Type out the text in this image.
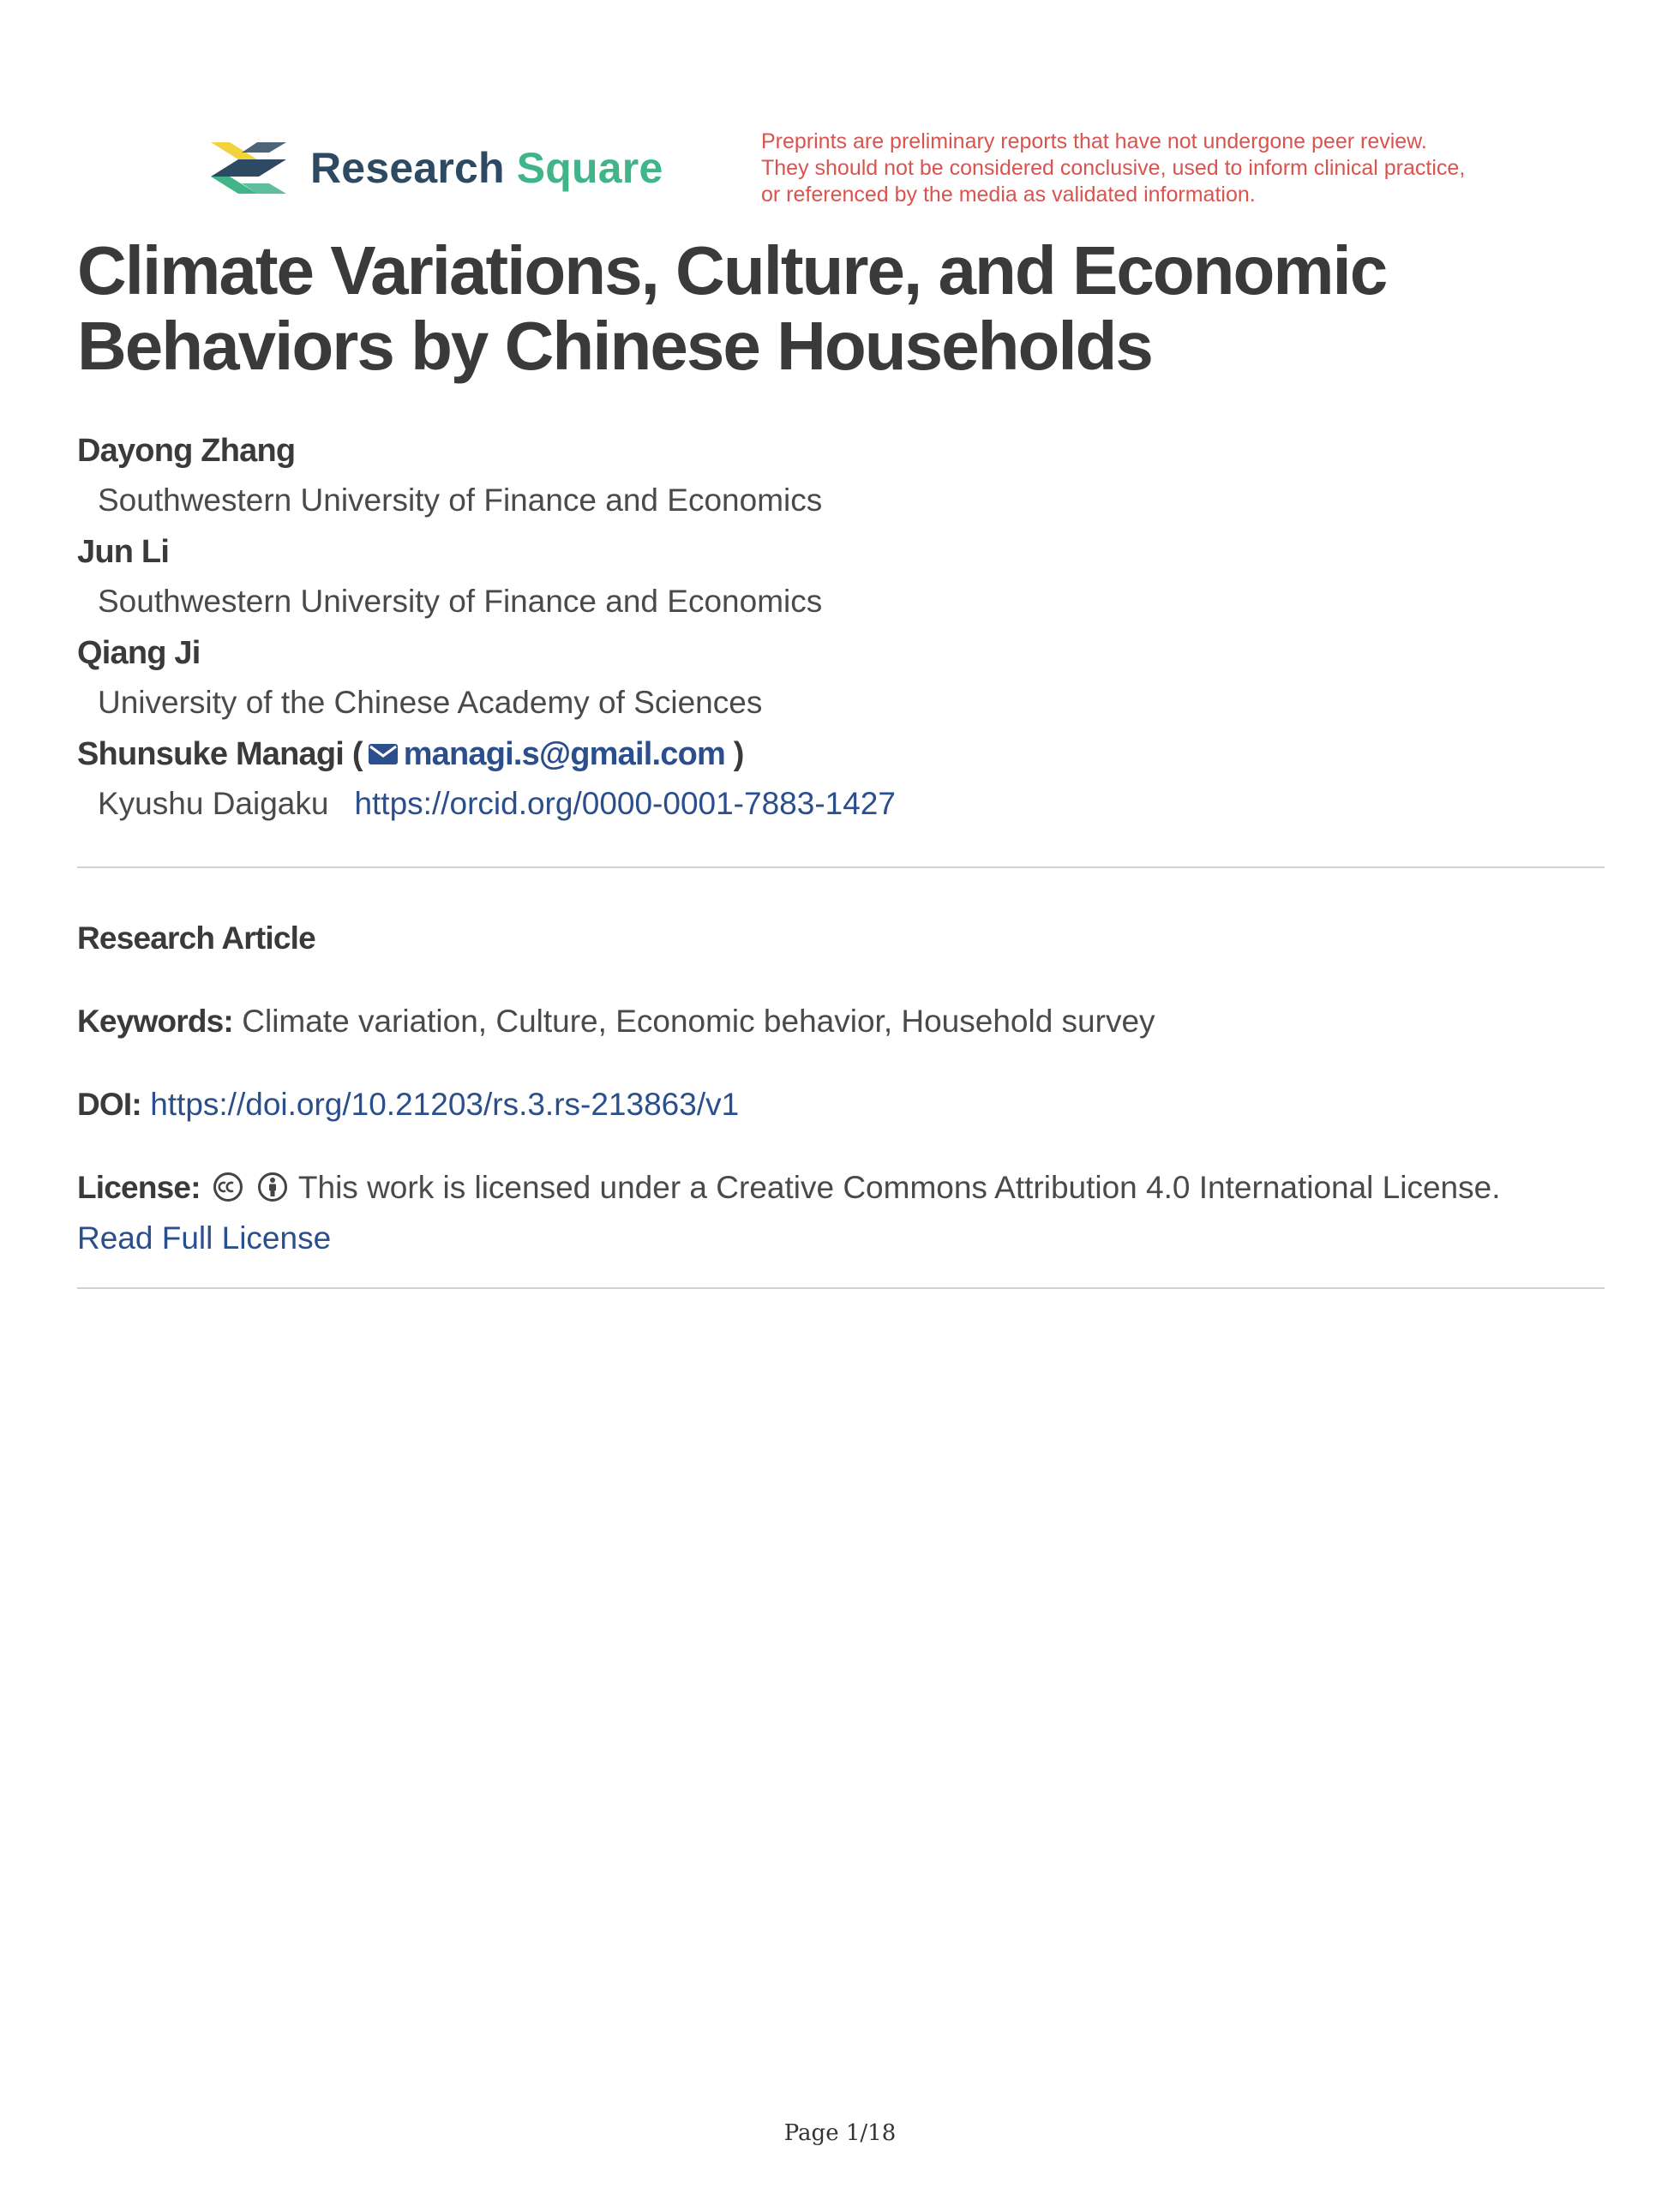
Research Square
Preprints are preliminary reports that have not undergone peer review.
They should not be considered conclusive, used to inform clinical practice,
or referenced by the media as validated information.
Climate Variations, Culture, and Economic
Behaviors by Chinese Households
Dayong Zhang
Southwestern University of Finance and Economics
Jun Li
Southwestern University of Finance and Economics
Qiang Ji
University of the Chinese Academy of Sciences
Shunsuke Managi ( managi.s@gmail.com )
Kyushu Daigaku https://orcid.org/0000-0001-7883-1427
Research Article
Keywords: Climate variation, Culture, Economic behavior, Household survey
DOI: https://doi.org/10.21203/rs.3.rs-213863/v1
License:	This work is licensed under a Creative Commons Attribution 4.0 International License.
Read Full License
Page 1/18
